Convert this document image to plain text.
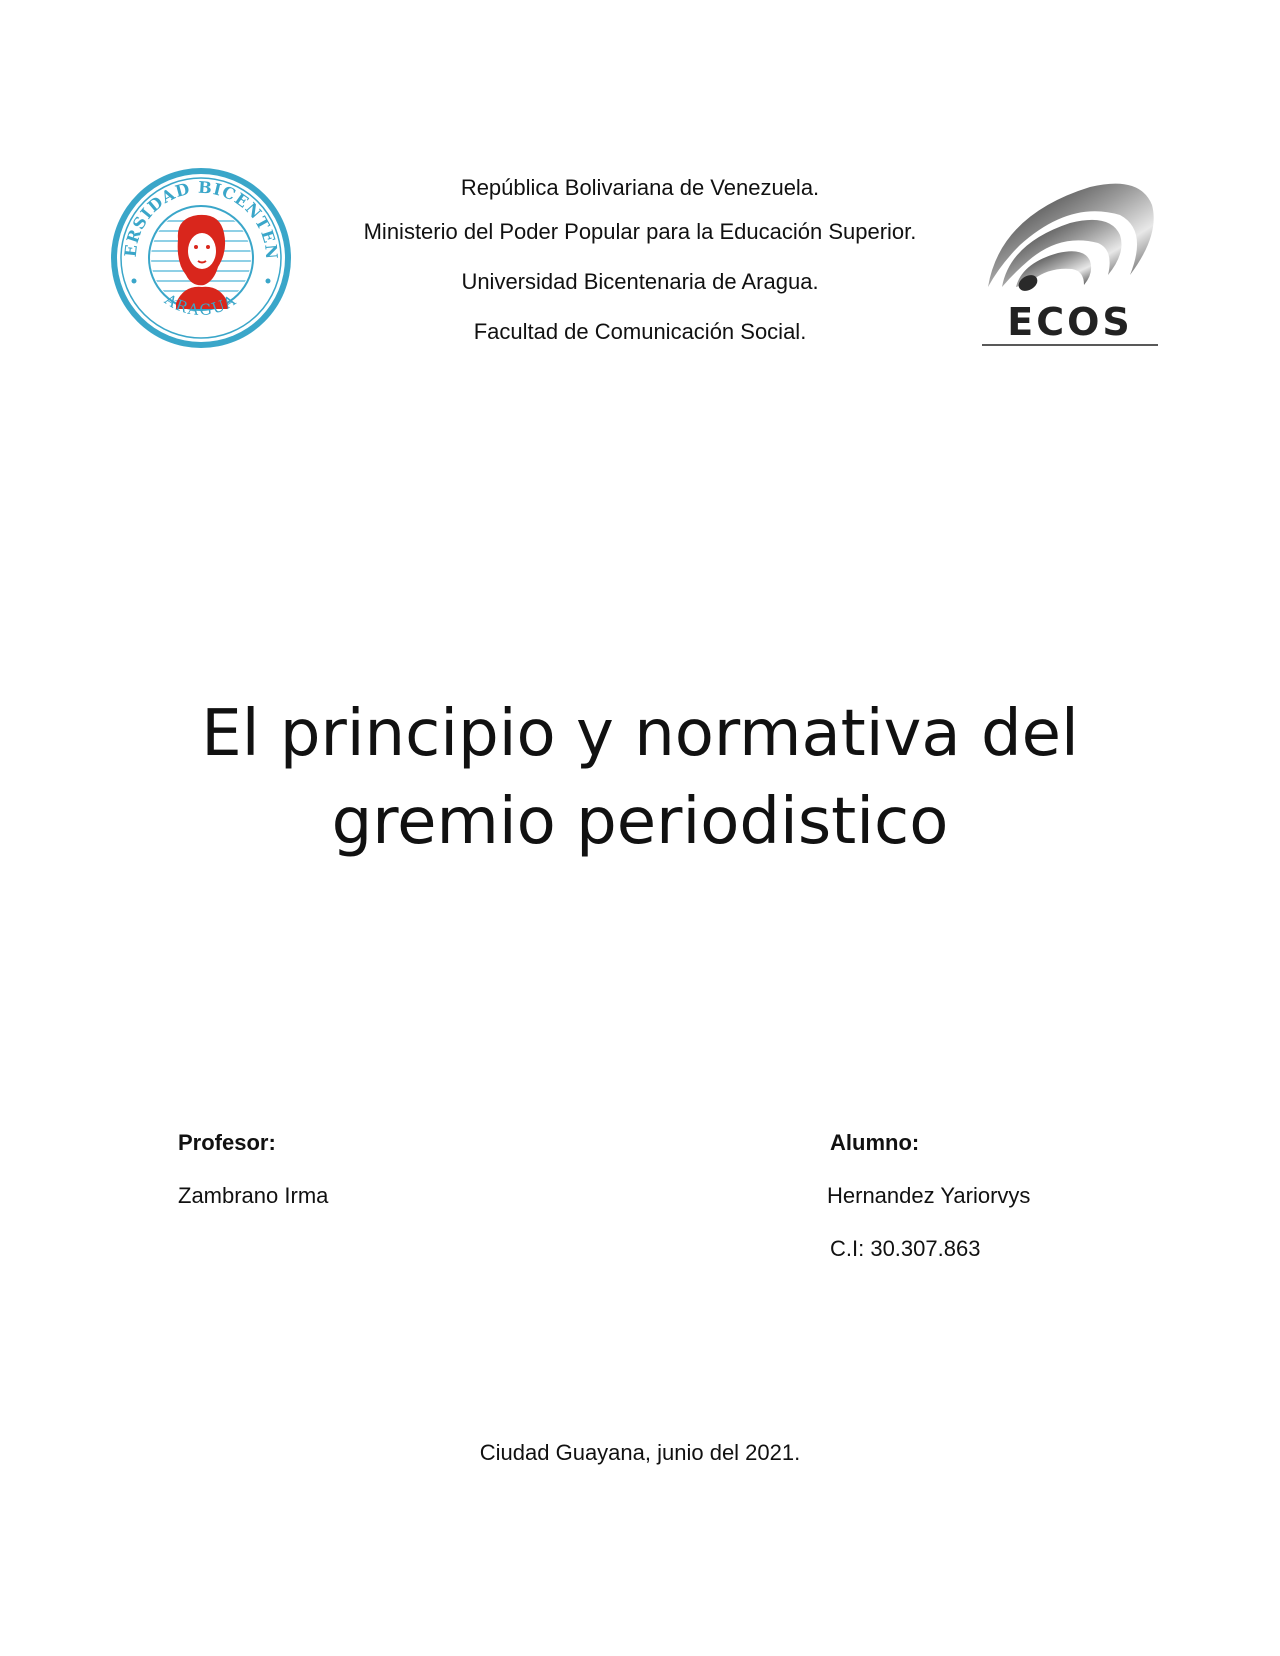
ERSIDAD BICENTEN
ARAGUA
República Bolivariana de Venezuela.
Ministerio del Poder Popular para la Educación Superior.
Universidad Bicentenaria de Aragua.
Facultad de Comunicación Social.	ECOS
El principio y normativa del
gremio periodistico
Profesor:
Zambrano Irma
Alumno:
Hernandez Yariorvys
C.I: 30.307.863
Ciudad Guayana, junio del 2021.
